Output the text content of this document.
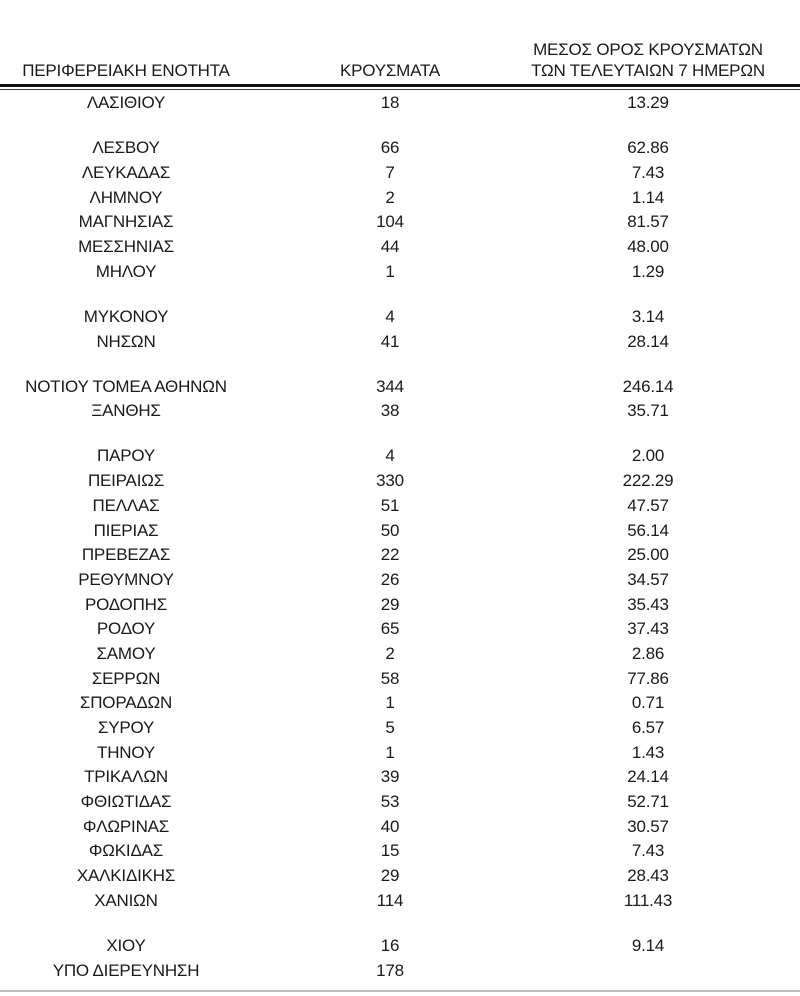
ΠΕΡΙΦΕΡΕΙΑΚΗ ΕΝΟΤΗΤΑ	ΚΡΟΥΣΜΑΤΑ
ΜΕΣΟΣ ΟΡΟΣ ΚΡΟΥΣΜΑΤΩΝ
ΤΩΝ ΤΕΛΕΥΤΑΙΩΝ 7 ΗΜΕΡΩΝ
ΛΑΣΙΘΙΟΥ	18	13.29
ΛΕΣΒΟΥ	66	62.86
ΛΕΥΚΑΔΑΣ	7	7.43
ΛΗΜΝΟΥ	2	1.14
ΜΑΓΝΗΣΙΑΣ	104	81.57
ΜΕΣΣΗΝΙΑΣ	44	48.00
ΜΗΛΟΥ	1	1.29
ΜΥΚΟΝΟΥ	4	3.14
ΝΗΣΩΝ	41	28.14
ΝΟΤΙΟΥ ΤΟΜΕΑ ΑΘΗΝΩΝ	344	246.14
ΞΑΝΘΗΣ	38	35.71
ΠΑΡΟΥ	4	2.00
ΠΕΙΡΑΙΩΣ	330	222.29
ΠΕΛΛΑΣ	51	47.57
ΠΙΕΡΙΑΣ	50	56.14
ΠΡΕΒΕΖΑΣ	22	25.00
ΡΕΘΥΜΝΟΥ	26	34.57
ΡΟΔΟΠΗΣ	29	35.43
ΡΟΔΟΥ	65	37.43
ΣΑΜΟΥ	2	2.86
ΣΕΡΡΩΝ	58	77.86
ΣΠΟΡΑΔΩΝ	1	0.71
ΣΥΡΟΥ	5	6.57
ΤΗΝΟΥ	1	1.43
ΤΡΙΚΑΛΩΝ	39	24.14
ΦΘΙΩΤΙΔΑΣ	53	52.71
ΦΛΩΡΙΝΑΣ	40	30.57
ΦΩΚΙΔΑΣ	15	7.43
ΧΑΛΚΙΔΙΚΗΣ	29	28.43
ΧΑΝΙΩΝ	114	111.43
ΧΙΟΥ	16	9.14
ΥΠΟ ΔΙΕΡΕΥΝΗΣΗ	178
